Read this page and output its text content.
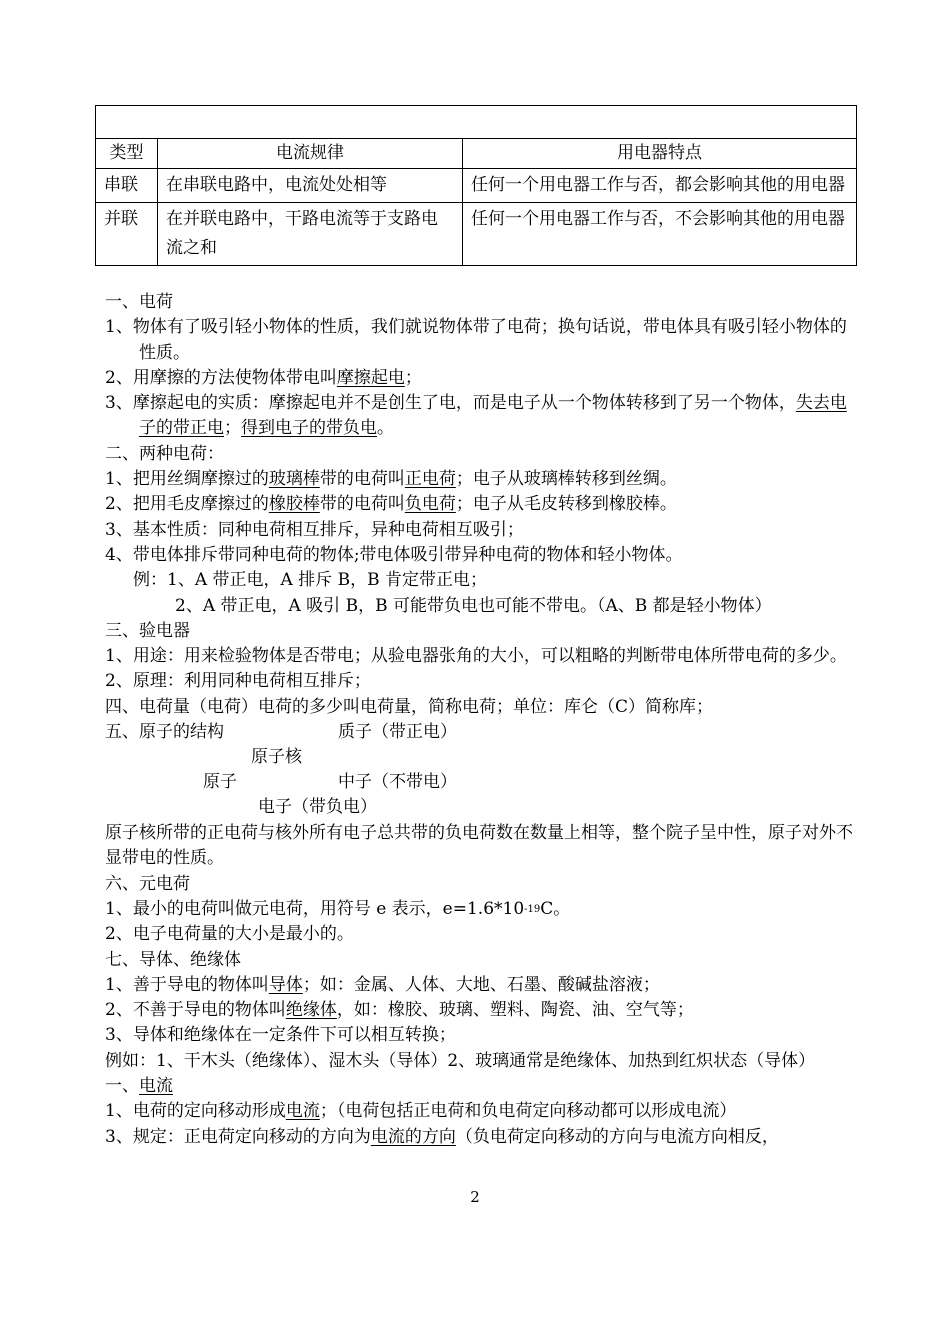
类型	电流规律	用电器特点
串联	在串联电路中，电流处处相等	任何一个用电器工作与否，都会影响其他的用电器
并联	在并联电路中，干路电流等于支路电流之和	任何一个用电器工作与否，不会影响其他的用电器
一、电荷
1、物体有了吸引轻小物体的性质，我们就说物体带了电荷；换句话说，带电体具有吸引轻小物体的性质。
2、用摩擦的方法使物体带电叫摩擦起电；
3、摩擦起电的实质：摩擦起电并不是创生了电，而是电子从一个物体转移到了另一个物体，失去电子的带正电；得到电子的带负电。
二、两种电荷：
1、把用丝绸摩擦过的玻璃棒带的电荷叫正电荷；电子从玻璃棒转移到丝绸。
2、把用毛皮摩擦过的橡胶棒带的电荷叫负电荷；电子从毛皮转移到橡胶棒。
3、基本性质：同种电荷相互排斥，异种电荷相互吸引；
4、带电体排斥带同种电荷的物体;带电体吸引带异种电荷的物体和轻小物体。
例：1、A 带正电，A 排斥 B，B 肯定带正电；
2、A 带正电，A 吸引 B，B 可能带负电也可能不带电。（A、B 都是轻小物体）
三、验电器
1、用途：用来检验物体是否带电；从验电器张角的大小，可以粗略的判断带电体所带电荷的多少。
2、原理：利用同种电荷相互排斥；
四、电荷量（电荷）电荷的多少叫电荷量，简称电荷；单位：库仑（C）简称库；
五、原子的结构	质子（带正电）
原子核
原子	中子（不带电）
电子（带负电）
原子核所带的正电荷与核外所有电子总共带的负电荷数在数量上相等，整个院子呈中性，原子对外不显带电的性质。
六、元电荷
1、最小的电荷叫做元电荷，用符号 e 表示，$e=1.6*10^{-19}C$。
2、电子电荷量的大小是最小的。
七、导体、绝缘体
1、善于导电的物体叫导体；如：金属、人体、大地、石墨、酸碱盐溶液；
2、不善于导电的物体叫绝缘体，如：橡胶、玻璃、塑料、陶瓷、油、空气等；
3、导体和绝缘体在一定条件下可以相互转换；
例如：1、干木头（绝缘体）、湿木头（导体）2、玻璃通常是绝缘体、加热到红炽状态（导体）
一、电流
1、电荷的定向移动形成电流；（电荷包括正电荷和负电荷定向移动都可以形成电流）
3、规定：正电荷定向移动的方向为电流的方向（负电荷定向移动的方向与电流方向相反，
2
